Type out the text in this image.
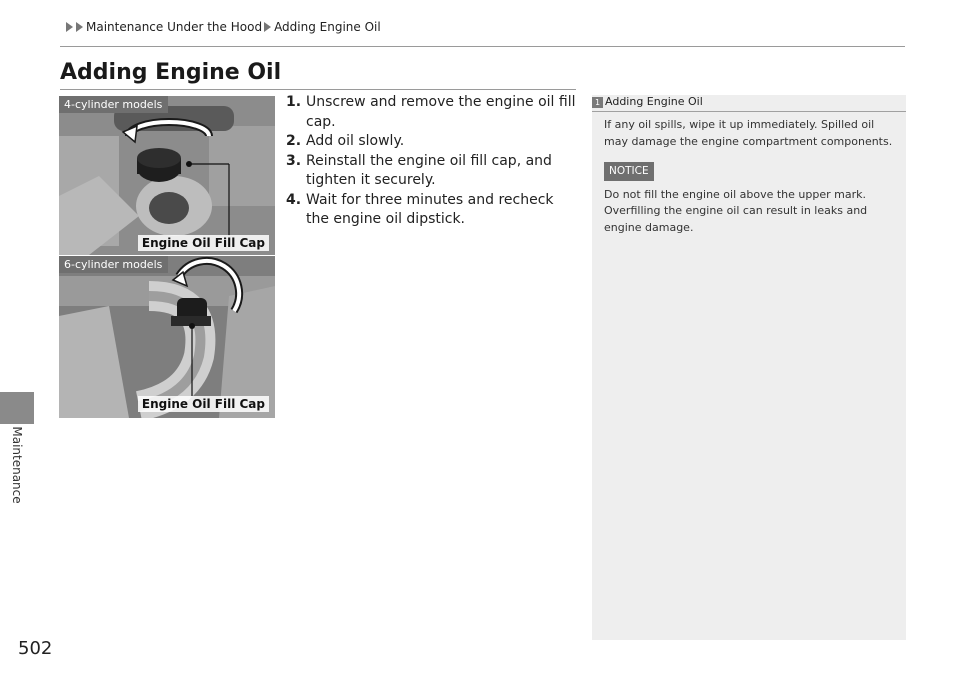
Maintenance Under the Hood Adding Engine Oil
Maintenance
502
Adding Engine Oil
4-cylinder models
Engine Oil Fill Cap
6-cylinder models
Engine Oil Fill Cap
1. Unscrew and remove the engine oil fill cap.
2. Add oil slowly.
3. Reinstall the engine oil fill cap, and tighten it securely.
4. Wait for three minutes and recheck the engine oil dipstick.
1 Adding Engine Oil

If any oil spills, wipe it up immediately. Spilled oil may damage the engine compartment components.

NOTICE

Do not fill the engine oil above the upper mark. Overfilling the engine oil can result in leaks and engine damage.
